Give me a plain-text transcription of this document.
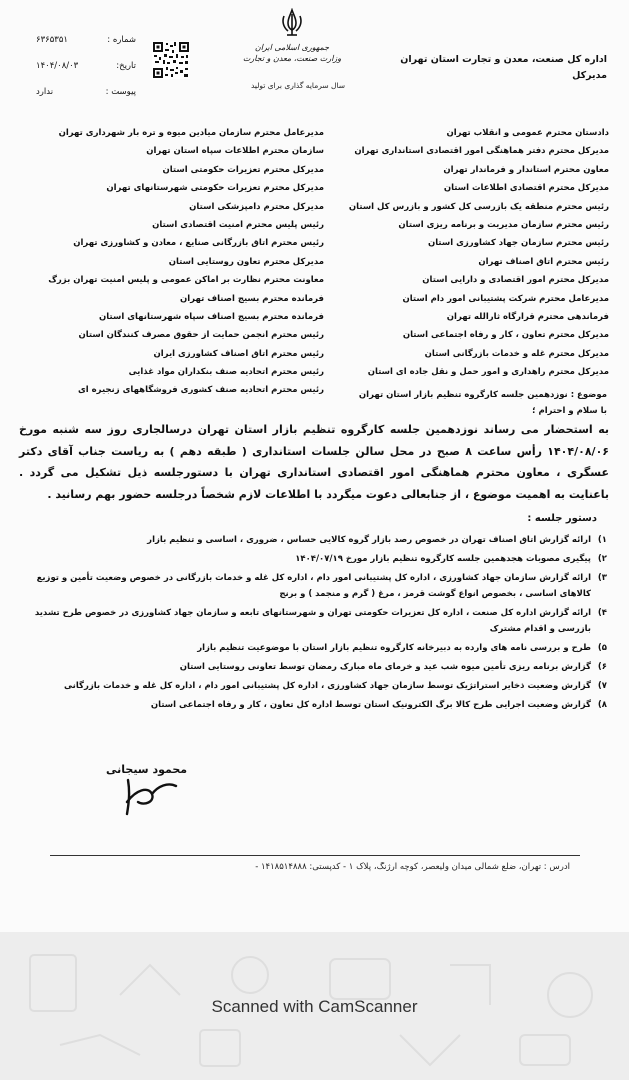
اداره کل صنعت، معدن و تجارت استان تهران
مدیرکل
جمهوری اسلامی ایران
وزارت صنعت، معدن و تجارت
سال سرمایه گذاری برای تولید
شماره :
۶۳۶۵۳۵۱
تاریخ:
۱۴۰۴/۰۸/۰۳
پیوست :
ندارد
دادستان محترم عمومی و انقلاب تهران
مدیرکل محترم دفتر هماهنگی امور اقتصادی استانداری تهران
معاون محترم استاندار و فرماندار تهران
مدیرکل محترم اقتصادی اطلاعات استان
رئیس محترم منطقه یک بازرسی کل کشور و بازرس کل استان
رئیس محترم سازمان مدیریت و برنامه ریزی استان
رئیس محترم سازمان جهاد کشاورزی استان
رئیس محترم اتاق اصناف تهران
مدیرکل محترم امور اقتصادی و دارایی استان
مدیرعامل محترم شرکت پشتیبانی امور دام استان
فرماندهی محترم قرارگاه ثارالله تهران
مدیرکل محترم تعاون ، کار و رفاه اجتماعی استان
مدیرکل محترم غله و خدمات بازرگانی استان
مدیرکل محترم راهداری و امور حمل و نقل جاده ای استان
مدیرعامل محترم سازمان میادین میوه و تره بار شهرداری تهران
سازمان محترم اطلاعات سپاه استان تهران
مدیرکل محترم تعزیرات حکومتی استان
مدیرکل محترم تعزیرات حکومتی شهرستانهای تهران
مدیرکل محترم دامپزشکی استان
رئیس پلیس محترم امنیت اقتصادی استان
رئیس محترم اتاق بازرگانی صنایع ، معادن و کشاورزی تهران
مدیرکل محترم تعاون روستایی استان
معاونت محترم نظارت بر اماکن عمومی و پلیس امنیت تهران بزرگ
فرمانده محترم بسیج اصناف تهران
فرمانده محترم بسیج اصناف سپاه شهرستانهای استان
رئیس محترم انجمن حمایت از حقوق مصرف کنندگان استان
رئیس محترم اتاق اصناف کشاورزی ایران
رئیس محترم اتحادیه صنف بنکداران مواد غذایی
رئیس محترم اتحادیه صنف کشوری فروشگاههای زنجیره ای	موضوع : نوزدهمین جلسه کارگروه تنظیم بازار استان تهران
با سلام و احترام ؛
به استحضار می رساند نوزدهمین جلسه کارگروه تنظیم بازار استان تهران درسالجاری روز سه شنبه مورخ ۱۴۰۴/۰۸/۰۶ رأس ساعت ۸ صبح در محل سالن جلسات استانداری ( طبقه دهم ) به ریاست جناب آقای دکتر عسگری ، معاون محترم هماهنگی امور اقتصادی استانداری تهران با دستورجلسه ذیل تشکیل می گردد . باعنایت به اهمیت موضوع ، از جنابعالی دعوت میگردد با اطلاعات لازم شخصاً درجلسه حضور بهم رسانید .
دستور جلسه :
۱)
ارائه گزارش اتاق اصناف تهران در خصوص رصد بازار گروه کالایی حساس ، ضروری ، اساسی و تنظیم بازار
۲)
پیگیری مصوبات هجدهمین جلسه کارگروه تنظیم بازار مورخ ۱۴۰۴/۰۷/۱۹
۳)
ارائه گزارش سازمان جهاد کشاورزی ، اداره کل پشتیبانی امور دام ، اداره کل غله و خدمات بازرگانی در خصوص وضعیت تأمین و توزیع کالاهای اساسی ، بخصوص انواع گوشت قرمز ، مرغ ( گرم و منجمد ) و برنج
۴)
ارائه گزارش اداره کل صنعت ، اداره کل تعزیرات حکومتی تهران و شهرستانهای تابعه و سازمان جهاد کشاورزی در خصوص طرح تشدید بازرسی و اقدام مشترک
۵)
طرح و بررسی نامه های وارده به دبیرخانه کارگروه تنظیم بازار استان با موضوعیت تنظیم بازار
۶)
گزارش برنامه ریزی تأمین میوه شب عید و خرمای ماه مبارک رمضان توسط تعاونی روستایی استان
۷)
گزارش وضعیت ذخایر استراتژیک توسط سازمان جهاد کشاورزی ، اداره کل پشتیبانی امور دام ، اداره کل غله و خدمات بازرگانی
۸)
گزارش وضعیت اجرایی طرح کالا برگ الکترونیک استان توسط اداره کل تعاون ، کار و رفاه اجتماعی استان
محمود سیجانی
آدرس : تهران، ضلع شمالی میدان ولیعصر، کوچه ارژنگ، پلاک ۱ - کدپستی: ۱۴۱۸۵۱۴۸۸۸ -
Scanned with CamScanner
